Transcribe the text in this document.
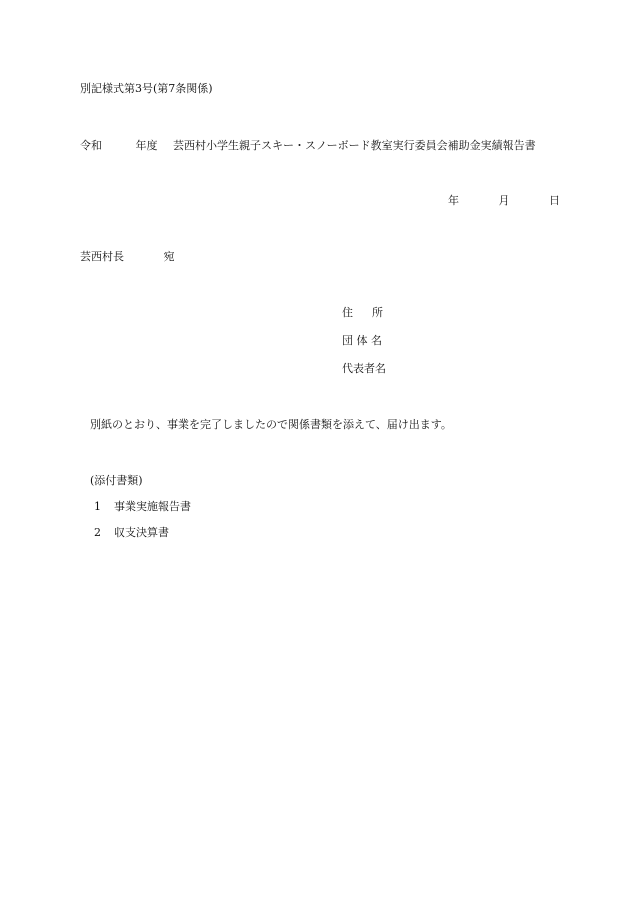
別記様式第3号(第7条関係)
令和	年度 芸西村小学生親子スキー・スノーボード教室実行委員会補助金実績報告書
年	月	日
芸西村長	宛
住 所
団 体 名
代表者名
別紙のとおり、事業を完了しましたので関係書類を添えて、届け出ます。
(添付書類)
1 事業実施報告書
2 収支決算書
